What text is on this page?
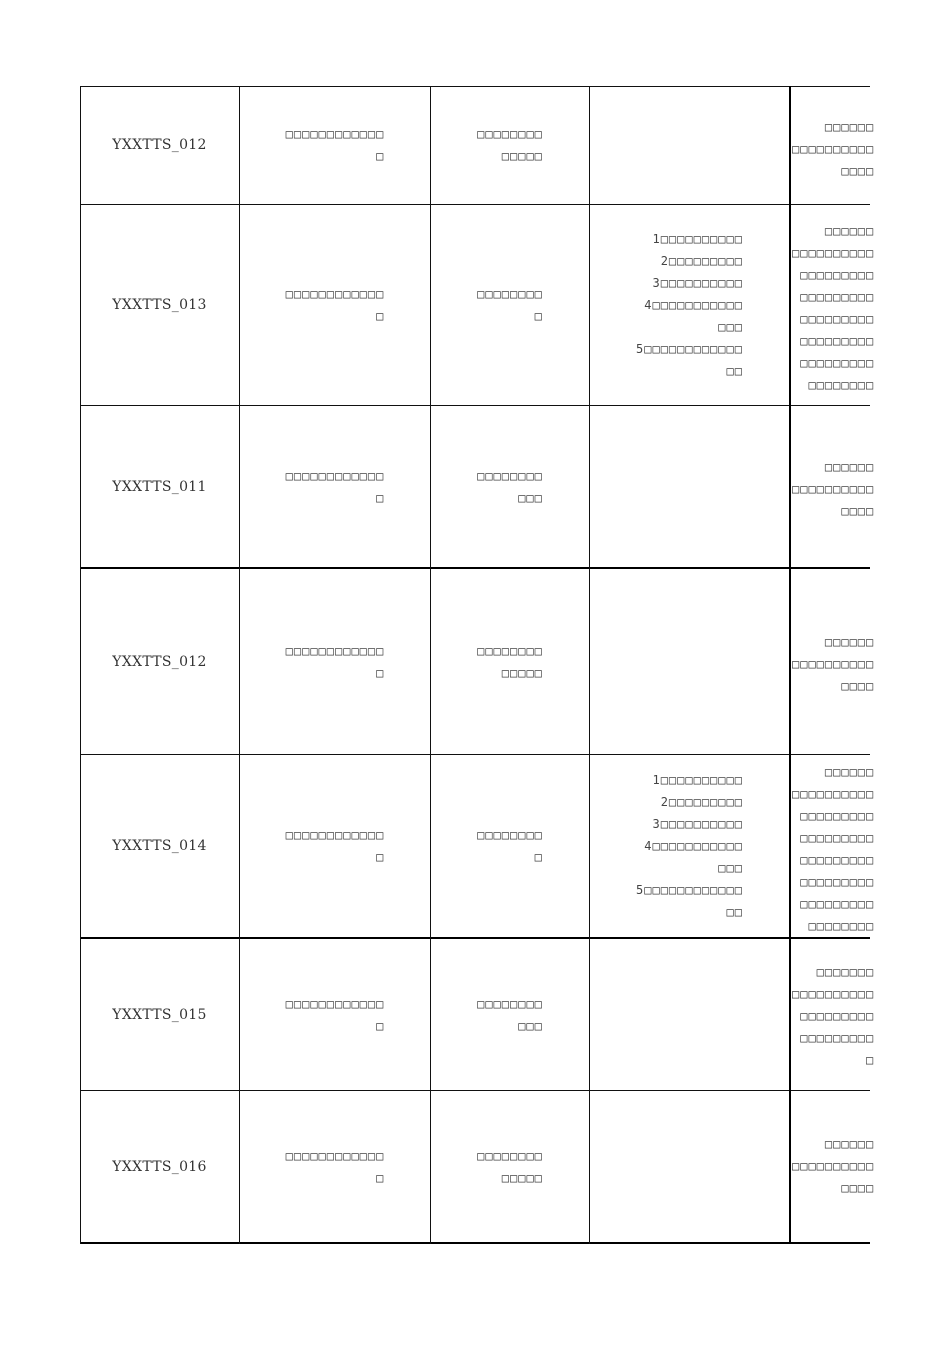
YXXTTS_012
□□□□□□□□□□□□
□
□□□□□□□□
□□□□□
□□□□□□
□□□□□□□□□□
□□□□
YXXTTS_013
□□□□□□□□□□□□
□
□□□□□□□□
□
1□□□□□□□□□□
2□□□□□□□□□
3□□□□□□□□□□
4□□□□□□□□□□□
□□□
5□□□□□□□□□□□□
□□
□□□□□□
□□□□□□□□□□
□□□□□□□□□
□□□□□□□□□
□□□□□□□□□
□□□□□□□□□
□□□□□□□□□
□□□□□□□□
YXXTTS_011
□□□□□□□□□□□□
□
□□□□□□□□
□□□
□□□□□□
□□□□□□□□□□
□□□□
YXXTTS_012
□□□□□□□□□□□□
□
□□□□□□□□
□□□□□
□□□□□□
□□□□□□□□□□
□□□□
YXXTTS_014
□□□□□□□□□□□□
□
□□□□□□□□
□
1□□□□□□□□□□
2□□□□□□□□□
3□□□□□□□□□□
4□□□□□□□□□□□
□□□
5□□□□□□□□□□□□
□□
□□□□□□
□□□□□□□□□□
□□□□□□□□□
□□□□□□□□□
□□□□□□□□□
□□□□□□□□□
□□□□□□□□□
□□□□□□□□
YXXTTS_015
□□□□□□□□□□□□
□
□□□□□□□□
□□□
□□□□□□□
□□□□□□□□□□
□□□□□□□□□
□□□□□□□□□
□
YXXTTS_016
□□□□□□□□□□□□
□
□□□□□□□□
□□□□□
□□□□□□
□□□□□□□□□□
□□□□
